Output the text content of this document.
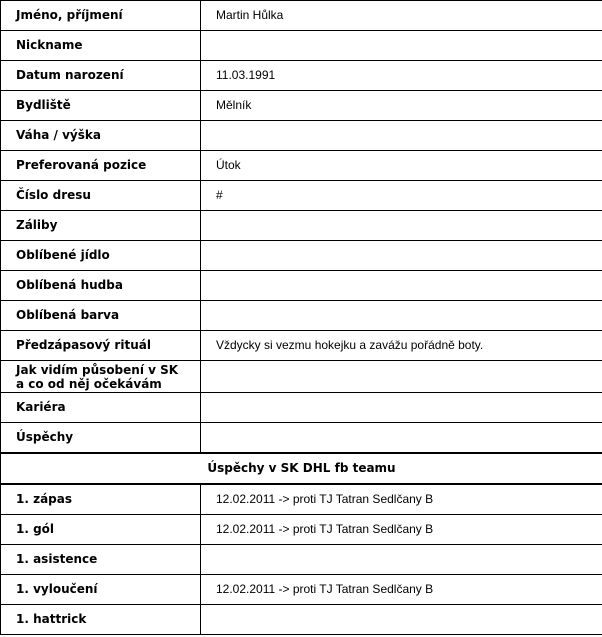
Jméno, příjmení	Martin Hůlka
Nickname	
Datum narození	11.03.1991
Bydliště	Mělník
Váha / výška	
Preferovaná pozice	Útok
Číslo dresu	#
Záliby	
Oblíbené jídlo	
Oblíbená hudba	
Oblíbená barva	
Předzápasový rituál	Vždycky si vezmu hokejku a zavážu pořádně boty.
Jak vidím působení v SK
a co od něj očekávám	
Kariéra	
Úspěchy	
Úspěchy v SK DHL fb teamu	
1. zápas	12.02.2011 -> proti TJ Tatran Sedlčany B
1. gól	12.02.2011 -> proti TJ Tatran Sedlčany B
1. asistence	
1. vyloučení	12.02.2011 -> proti TJ Tatran Sedlčany B
1. hattrick	
